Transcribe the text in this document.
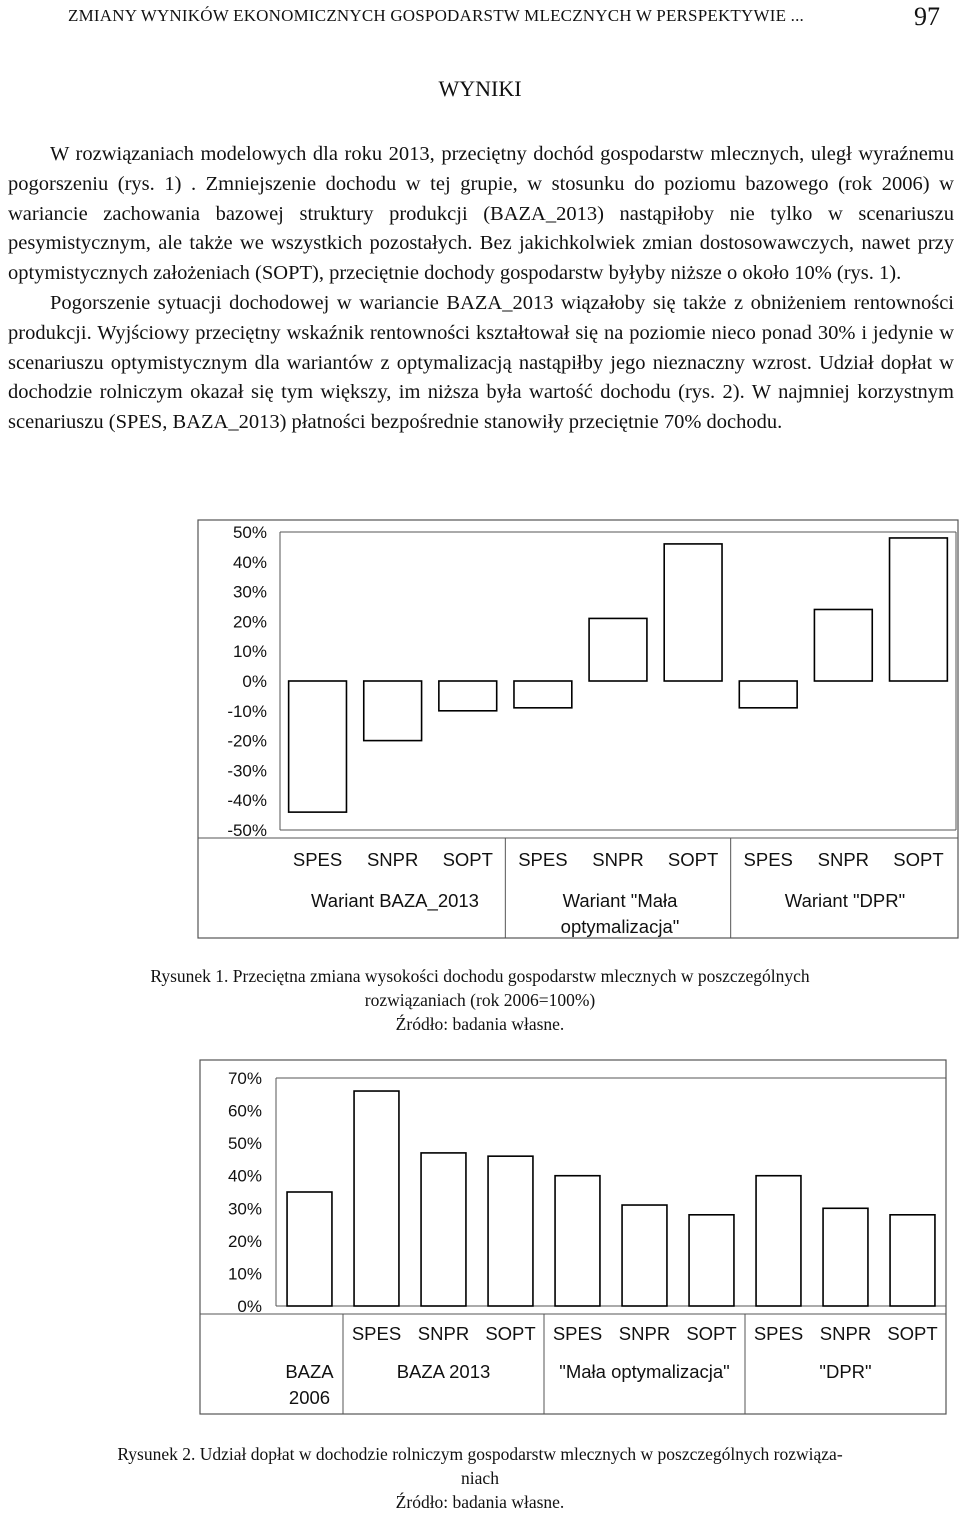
ZMIANY WYNIKÓW EKONOMICZNYCH GOSPODARSTW MLECZNYCH W PERSPEKTYWIE ...	97
WYNIKI

W rozwiązaniach modelowych dla roku 2013, przeciętny dochód gospodarstw mlecznych, uległ wyraźnemu pogorszeniu (rys. 1) . Zmniejszenie dochodu w tej grupie, w stosunku do poziomu bazowego (rok 2006) w wariancie zachowania bazowej struktury produkcji (BAZA_2013) nastąpiłoby nie tylko w scenariuszu pesymistycznym, ale także we wszystkich pozostałych. Bez jakichkolwiek zmian dostosowawczych, nawet przy optymistycznych założeniach (SOPT), przeciętnie dochody gospodarstw byłyby niższe o około 10% (rys. 1).

Pogorszenie sytuacji dochodowej w wariancie BAZA_2013 wiązałoby się także z obniżeniem rentowności produkcji. Wyjściowy przeciętny wskaźnik rentowności kształtował się na poziomie nieco ponad 30% i jedynie w scenariuszu optymistycznym dla wariantów z optymalizacją nastąpiłby jego nieznaczny wzrost. Udział dopłat w dochodzie rolniczym okazał się tym większy, im niższa była wartość dochodu (rys. 2). W najmniej korzystnym scenariuszu (SPES, BAZA_2013) płatności bezpośrednie stanowiły przeciętnie 70% dochodu.

-50%
-40%
-30%
-20%
-10%
0%
10%
20%
30%
40%
50%
SPES SNPR SOPT SPES SNPR SOPT SPES SNPR SOPT
Wariant BAZA_2013	Wariant "Mała
optymalizacja"
Wariant "DPR"
Rysunek 1. Przeciętna zmiana wysokości dochodu gospodarstw mlecznych w poszczególnych
rozwiązaniach (rok 2006=100%)
Źródło: badania własne.
0%
10%
20%
30%
40%
50%
60%
70%
SPES SNPR SOPT SPES SNPR SOPT SPES SNPR SOPT
BAZA
2006
BAZA 2013	"Mała optymalizacja"	"DPR"
Rysunek 2. Udział dopłat w dochodzie rolniczym gospodarstw mlecznych w poszczególnych rozwiąza-
niach
Źródło: badania własne.
